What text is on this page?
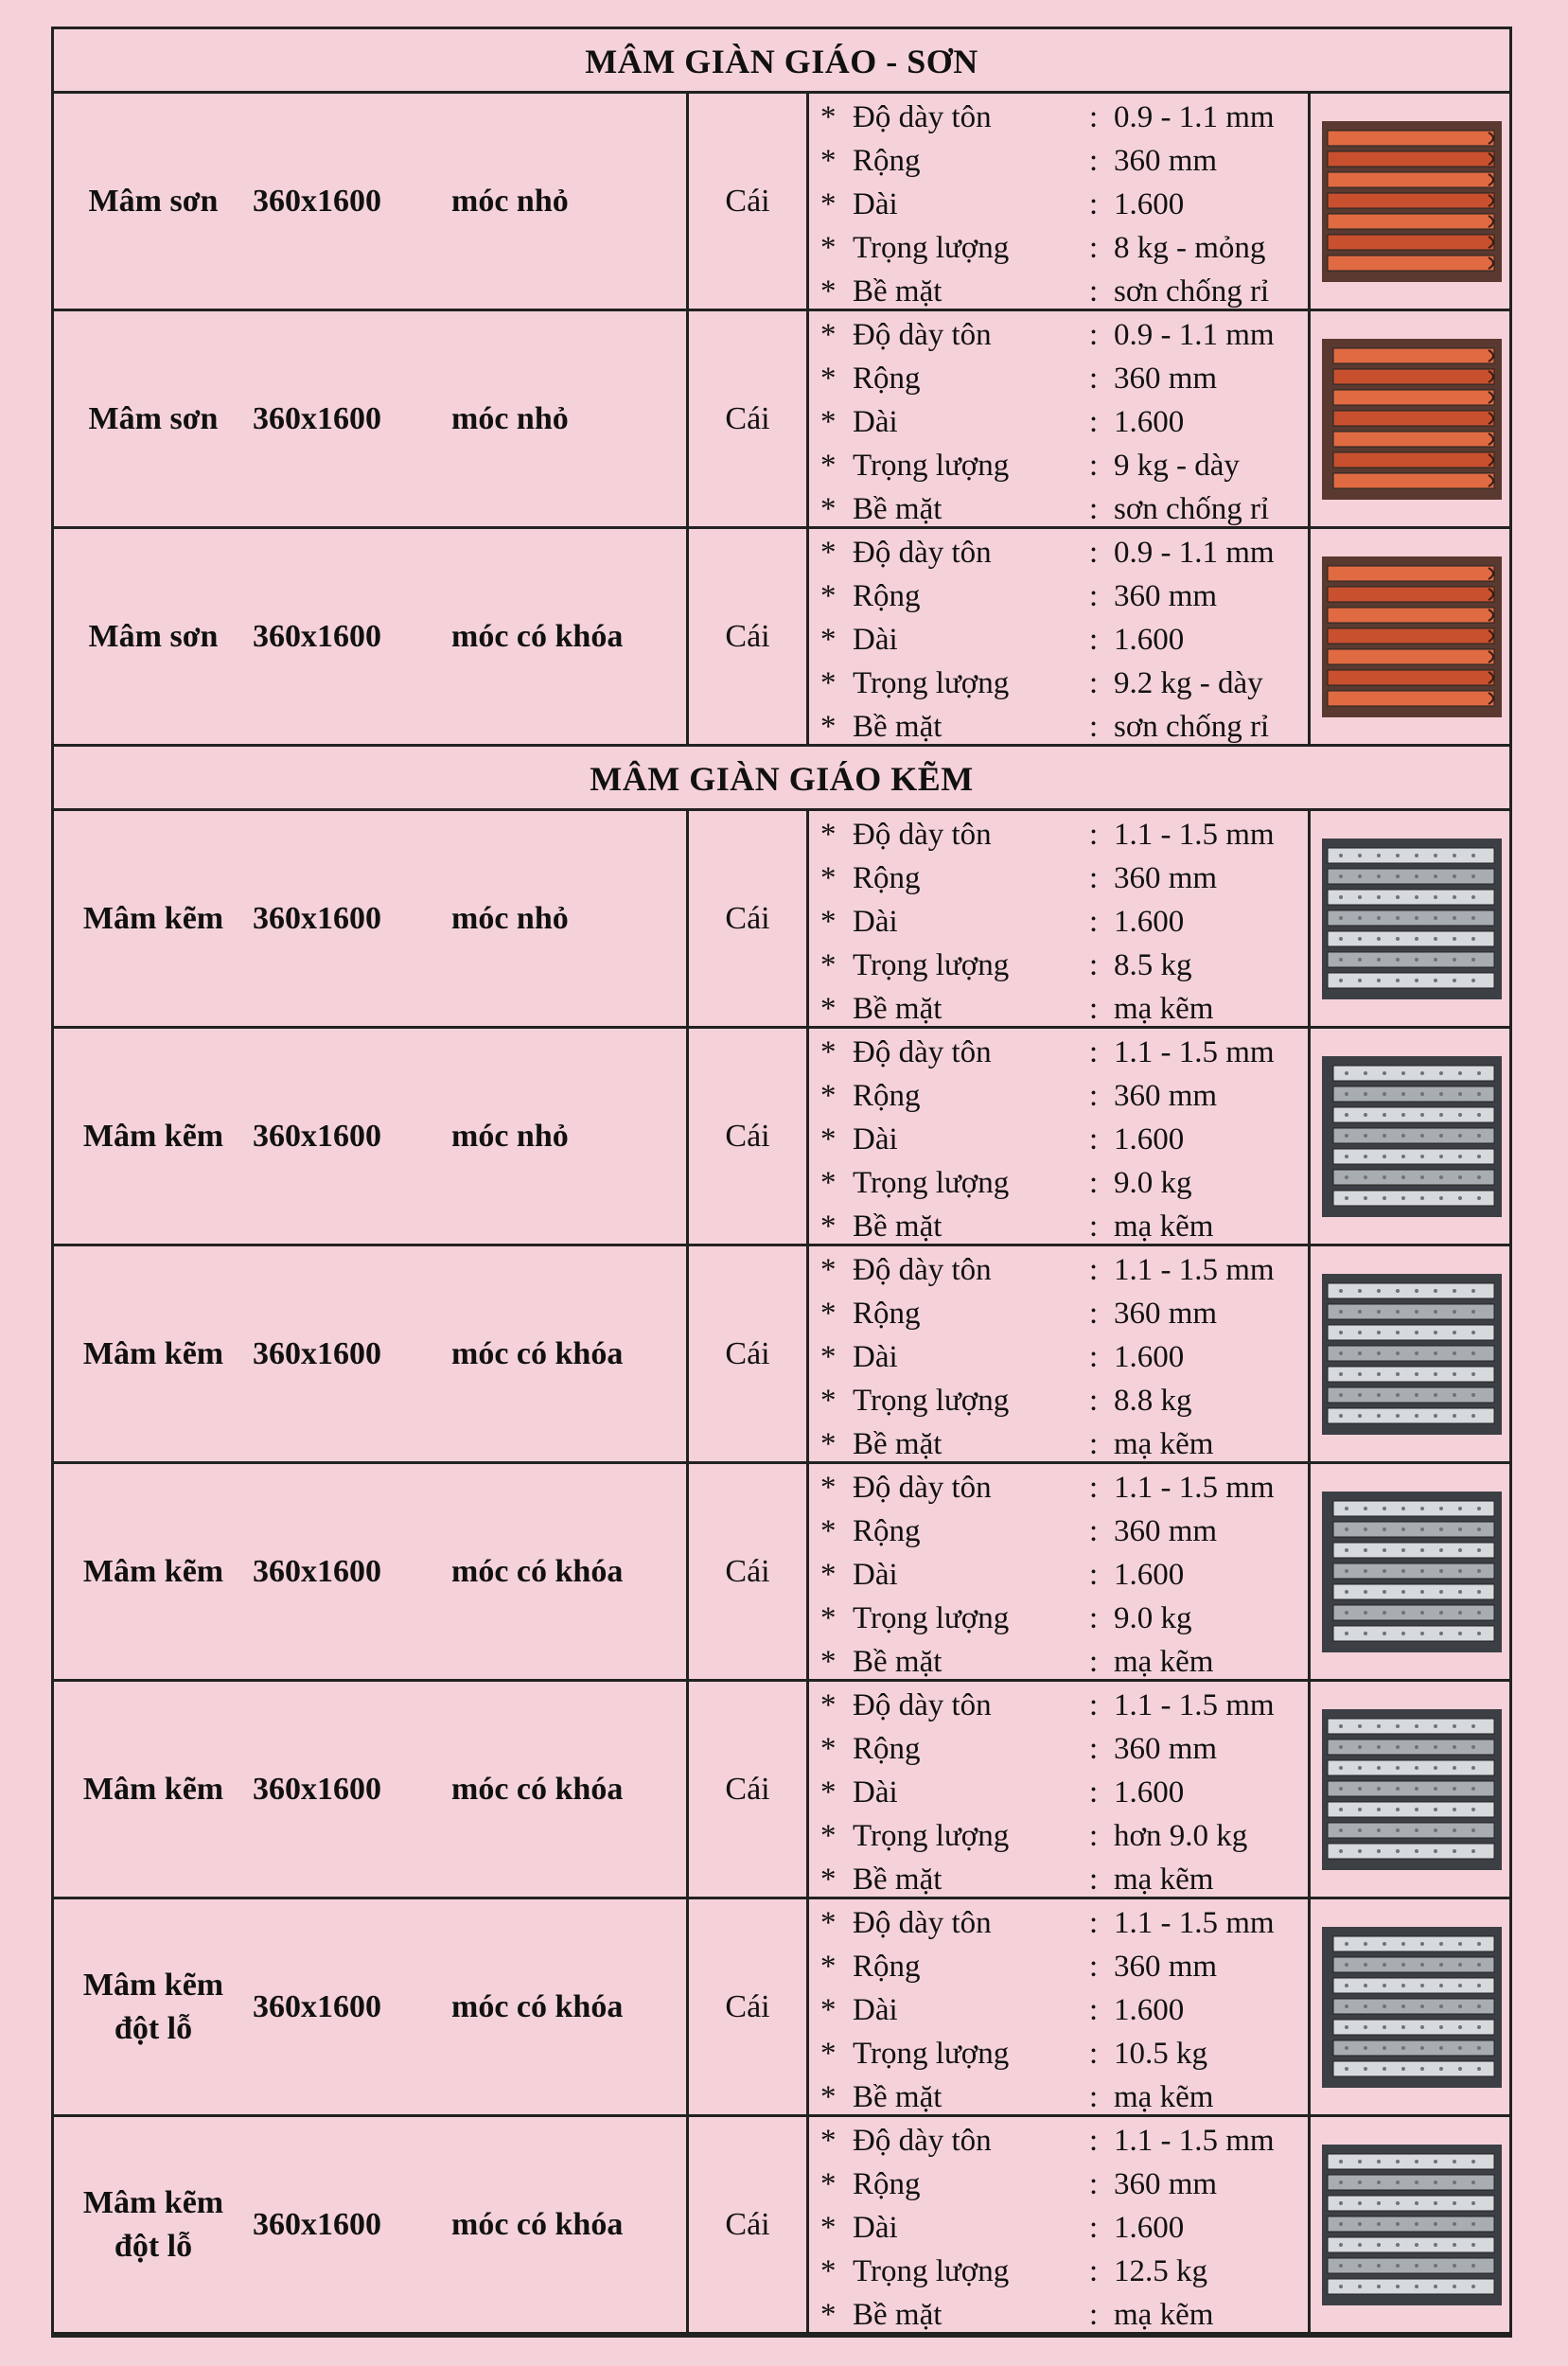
MÂM GIÀN GIÁO - SƠN
Mâm sơn	360x1600	móc nhỏ	Cái
* Độ dày tôn	: 0.9 - 1.1 mm
* Rộng	: 360 mm
* Dài	: 1.600
* Trọng lượng	: 8 kg - mỏng
* Bề mặt	: sơn chống rỉ
Mâm sơn	360x1600	móc nhỏ	Cái
* Độ dày tôn	: 0.9 - 1.1 mm
* Rộng	: 360 mm
* Dài	: 1.600
* Trọng lượng	: 9 kg - dày
* Bề mặt	: sơn chống rỉ
Mâm sơn	360x1600	móc có khóa	Cái
* Độ dày tôn	: 0.9 - 1.1 mm
* Rộng	: 360 mm
* Dài	: 1.600
* Trọng lượng	: 9.2 kg - dày
* Bề mặt	: sơn chống rỉ
MÂM GIÀN GIÁO KẼM
Mâm kẽm 360x1600	móc nhỏ	Cái
* Độ dày tôn	: 1.1 - 1.5 mm
* Rộng	: 360 mm
* Dài	: 1.600
* Trọng lượng	: 8.5 kg
* Bề mặt	: mạ kẽm
Mâm kẽm 360x1600	móc nhỏ	Cái
* Độ dày tôn	: 1.1 - 1.5 mm
* Rộng	: 360 mm
* Dài	: 1.600
* Trọng lượng	: 9.0 kg
* Bề mặt	: mạ kẽm
Mâm kẽm 360x1600	móc có khóa	Cái
* Độ dày tôn	: 1.1 - 1.5 mm
* Rộng	: 360 mm
* Dài	: 1.600
* Trọng lượng	: 8.8 kg
* Bề mặt	: mạ kẽm
Mâm kẽm 360x1600	móc có khóa	Cái
* Độ dày tôn	: 1.1 - 1.5 mm
* Rộng	: 360 mm
* Dài	: 1.600
* Trọng lượng	: 9.0 kg
* Bề mặt	: mạ kẽm
Mâm kẽm 360x1600	móc có khóa	Cái
* Độ dày tôn	: 1.1 - 1.5 mm
* Rộng	: 360 mm
* Dài	: 1.600
* Trọng lượng	: hơn 9.0 kg
* Bề mặt	: mạ kẽm
Mâm kẽm đột lỗ
360x1600	móc có khóa	Cái
* Độ dày tôn	: 1.1 - 1.5 mm
* Rộng	: 360 mm
* Dài	: 1.600
* Trọng lượng	: 10.5 kg
* Bề mặt	: mạ kẽm
Mâm kẽm đột lỗ
360x1600	móc có khóa	Cái
* Độ dày tôn	: 1.1 - 1.5 mm
* Rộng	: 360 mm
* Dài	: 1.600
* Trọng lượng	: 12.5 kg
* Bề mặt	: mạ kẽm
